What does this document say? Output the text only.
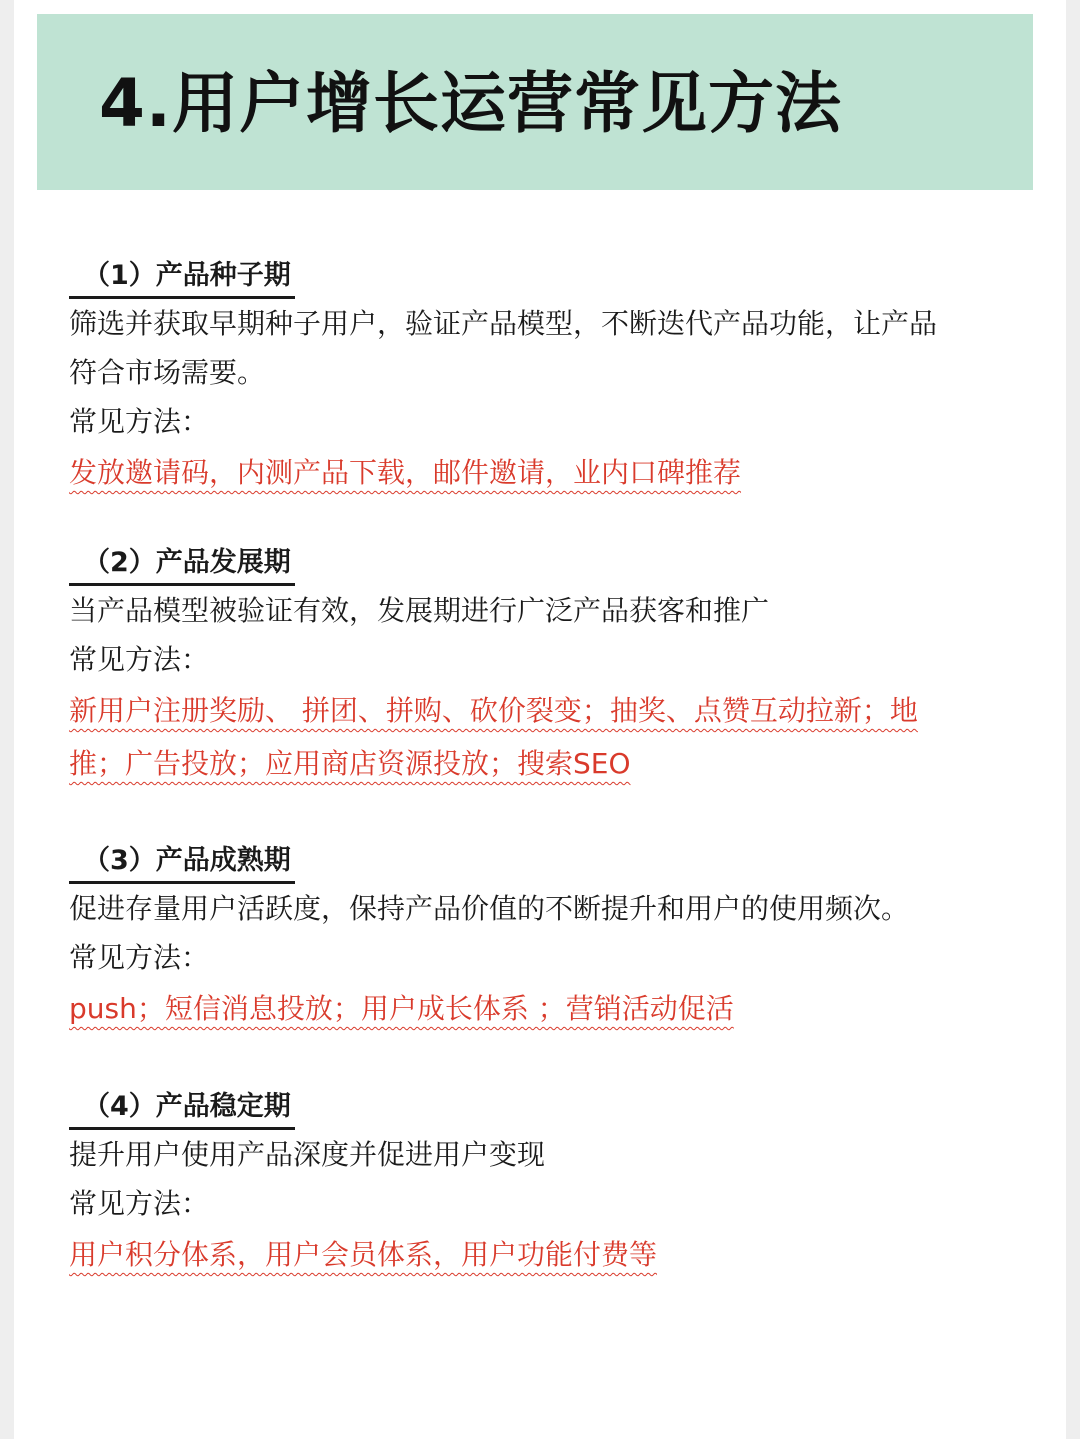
4.用户增长运营常见方法
（1）产品种子期

筛选并获取早期种子用户，验证产品模型，不断迭代产品功能，让产品

符合市场需要。

常见方法：

发放邀请码，内测产品下载，邮件邀请，业内口碑推荐

（2）产品发展期

当产品模型被验证有效，发展期进行广泛产品获客和推广

常见方法：

新用户注册奖励、 拼团、拼购、砍价裂变；抽奖、点赞互动拉新；地

推；广告投放；应用商店资源投放；搜索SEO

（3）产品成熟期

促进存量用户活跃度，保持产品价值的不断提升和用户的使用频次。

常见方法：

push；短信消息投放；用户成长体系 ；营销活动促活

（4）产品稳定期

提升用户使用产品深度并促进用户变现

常见方法：

用户积分体系，用户会员体系，用户功能付费等
